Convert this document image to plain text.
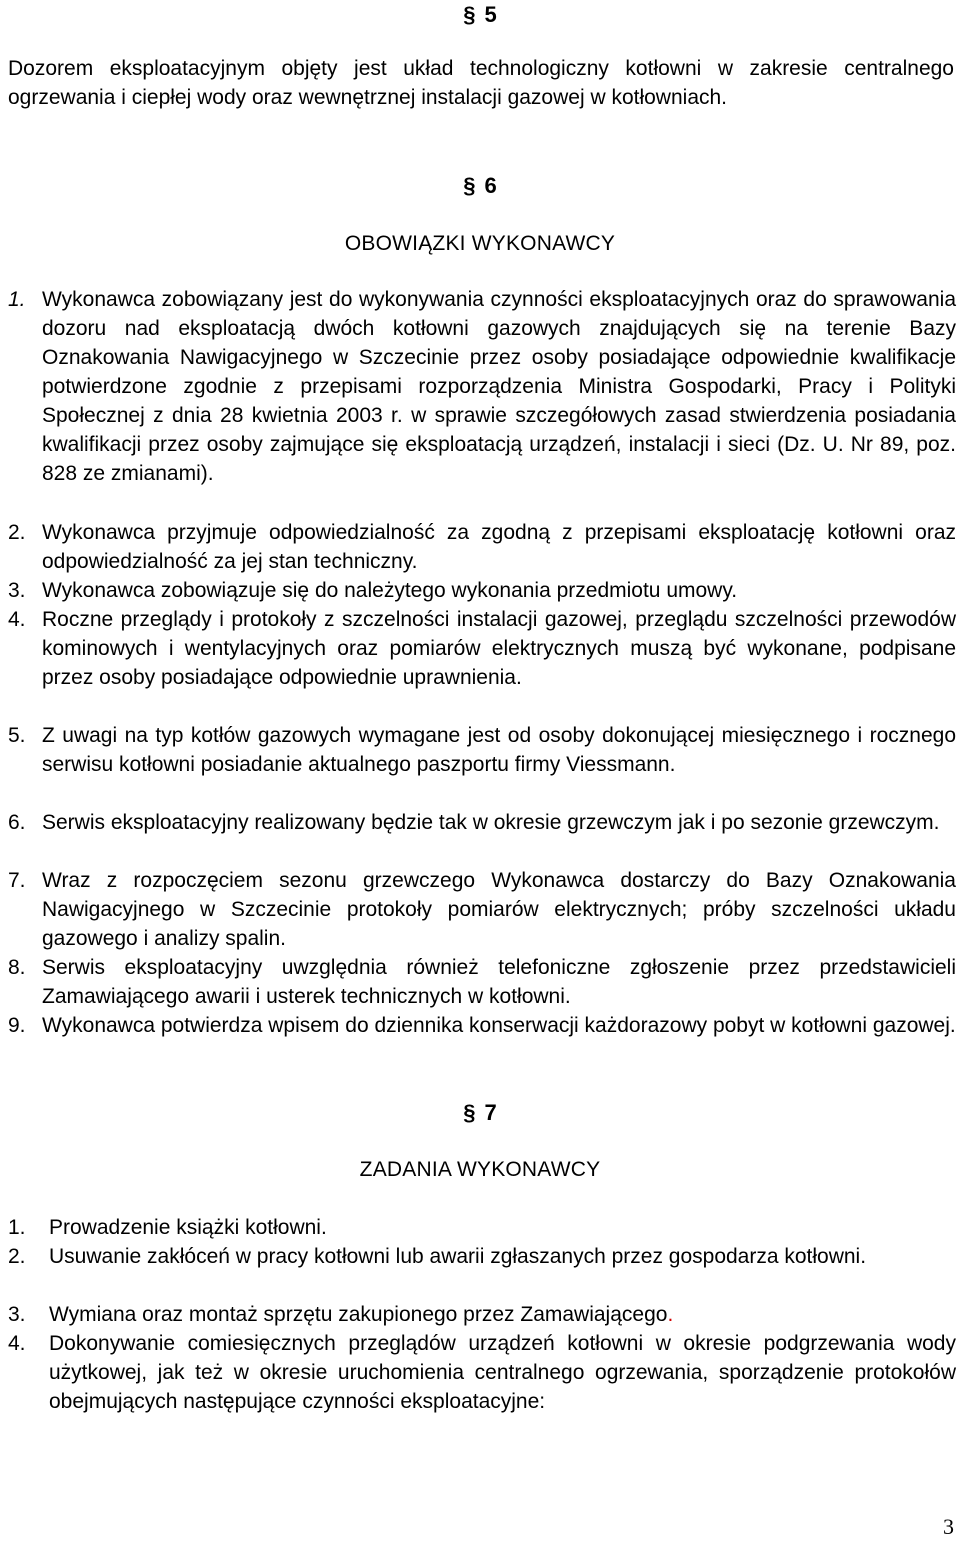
§ 5
Dozorem eksploatacyjnym objęty jest układ technologiczny kotłowni w zakresie centralnego ogrzewania i ciepłej wody oraz wewnętrznej instalacji gazowej w kotłowniach.
§ 6
OBOWIĄZKI WYKONAWCY
1. Wykonawca zobowiązany jest do wykonywania czynności eksploatacyjnych oraz do sprawowania dozoru nad eksploatacją dwóch kotłowni gazowych znajdujących się na terenie Bazy Oznakowania Nawigacyjnego w Szczecinie przez osoby posiadające odpowiednie kwalifikacje potwierdzone zgodnie z przepisami rozporządzenia Ministra Gospodarki, Pracy i Polityki Społecznej z dnia 28 kwietnia 2003 r. w sprawie szczegółowych zasad stwierdzenia posiadania kwalifikacji przez osoby zajmujące się eksploatacją urządzeń, instalacji i sieci (Dz. U. Nr 89, poz. 828 ze zmianami).
2. Wykonawca przyjmuje odpowiedzialność za zgodną z przepisami eksploatację kotłowni oraz odpowiedzialność za jej stan techniczny.
3. Wykonawca zobowiązuje się do należytego wykonania przedmiotu umowy.
4. Roczne przeglądy i protokoły z szczelności instalacji gazowej, przeglądu szczelności przewodów kominowych i wentylacyjnych oraz pomiarów elektrycznych muszą być wykonane, podpisane przez osoby posiadające odpowiednie uprawnienia.
5. Z uwagi na typ kotłów gazowych wymagane jest od osoby dokonującej miesięcznego i rocznego serwisu kotłowni posiadanie aktualnego paszportu firmy Viessmann.
6. Serwis eksploatacyjny realizowany będzie tak w okresie grzewczym jak i po sezonie grzewczym.
7. Wraz z rozpoczęciem sezonu grzewczego Wykonawca dostarczy do Bazy Oznakowania Nawigacyjnego w Szczecinie protokoły pomiarów elektrycznych; próby szczelności układu gazowego i analizy spalin.
8. Serwis eksploatacyjny uwzględnia również telefoniczne zgłoszenie przez przedstawicieli Zamawiającego awarii i usterek technicznych w kotłowni.
9. Wykonawca potwierdza wpisem do dziennika konserwacji każdorazowy pobyt w kotłowni gazowej.
§ 7
ZADANIA WYKONAWCY
1.	Prowadzenie książki kotłowni.
2.	Usuwanie zakłóceń w pracy kotłowni lub awarii zgłaszanych przez gospodarza kotłowni.
3.	Wymiana oraz montaż sprzętu zakupionego przez Zamawiającego.
4.	Dokonywanie comiesięcznych przeglądów urządzeń kotłowni w okresie podgrzewania wody użytkowej, jak też w okresie uruchomienia centralnego ogrzewania, sporządzenie protokołów obejmujących następujące czynności eksploatacyjne:
3
